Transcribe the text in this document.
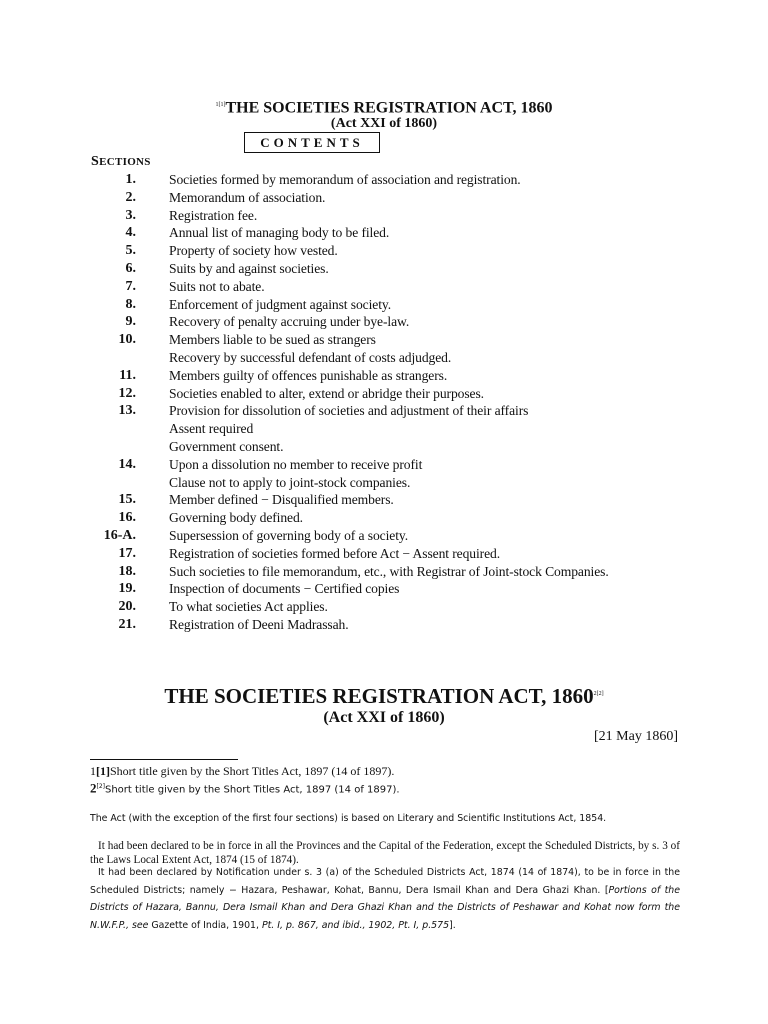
$^{1[1]}$THE SOCIETIES REGISTRATION ACT, 1860
(Act XXI of 1860)
CONTENTS
SECTIONS
1. Societies formed by memorandum of association and registration.
2. Memorandum of association.
3. Registration fee.
4. Annual list of managing body to be filed.
5. Property of society how vested.
6. Suits by and against societies.
7. Suits not to abate.
8. Enforcement of judgment against society.
9. Recovery of penalty accruing under bye-law.
10. Members liable to be sued as strangers
Recovery by successful defendant of costs adjudged.
11. Members guilty of offences punishable as strangers.
12. Societies enabled to alter, extend or abridge their purposes.
13. Provision for dissolution of societies and adjustment of their affairs
Assent required
Government consent.
14. Upon a dissolution no member to receive profit
Clause not to apply to joint-stock companies.
15. Member defined − Disqualified members.
16. Governing body defined.
16-A. Supersession of governing body of a society.
17. Registration of societies formed before Act − Assent required.
18. Such societies to file memorandum, etc., with Registrar of Joint-stock Companies.
19. Inspection of documents − Certified copies
20. To what societies Act applies.
21. Registration of Deeni Madrassah.
THE SOCIETIES REGISTRATION ACT, $1860^{2[2]}$
(Act XXI of 1860)
[21 May 1860]
1[1]Short title given by the Short Titles Act, 1897 (14 of 1897).
2[2]Short title given by the Short Titles Act, 1897 (14 of 1897).
The Act (with the exception of the first four sections) is based on Literary and Scientific Institutions Act, 1854.
It had been declared to be in force in all the Provinces and the Capital of the Federation, except the Scheduled Districts, by s. 3 of the Laws Local Extent Act, 1874 (15 of 1874).
It had been declared by Notification under s. 3 (a) of the Scheduled Districts Act, 1874 (14 of 1874), to be in force in the Scheduled Districts; namely − Hazara, Peshawar, Kohat, Bannu, Dera Ismail Khan and Dera Ghazi Khan. [Portions of the Districts of Hazara, Bannu, Dera Ismail Khan and Dera Ghazi Khan and the Districts of Peshawar and Kohat now form the N.W.F.P., see Gazette of India, 1901, Pt. I, p. 867, and ibid., 1902, Pt. I, p.575].
